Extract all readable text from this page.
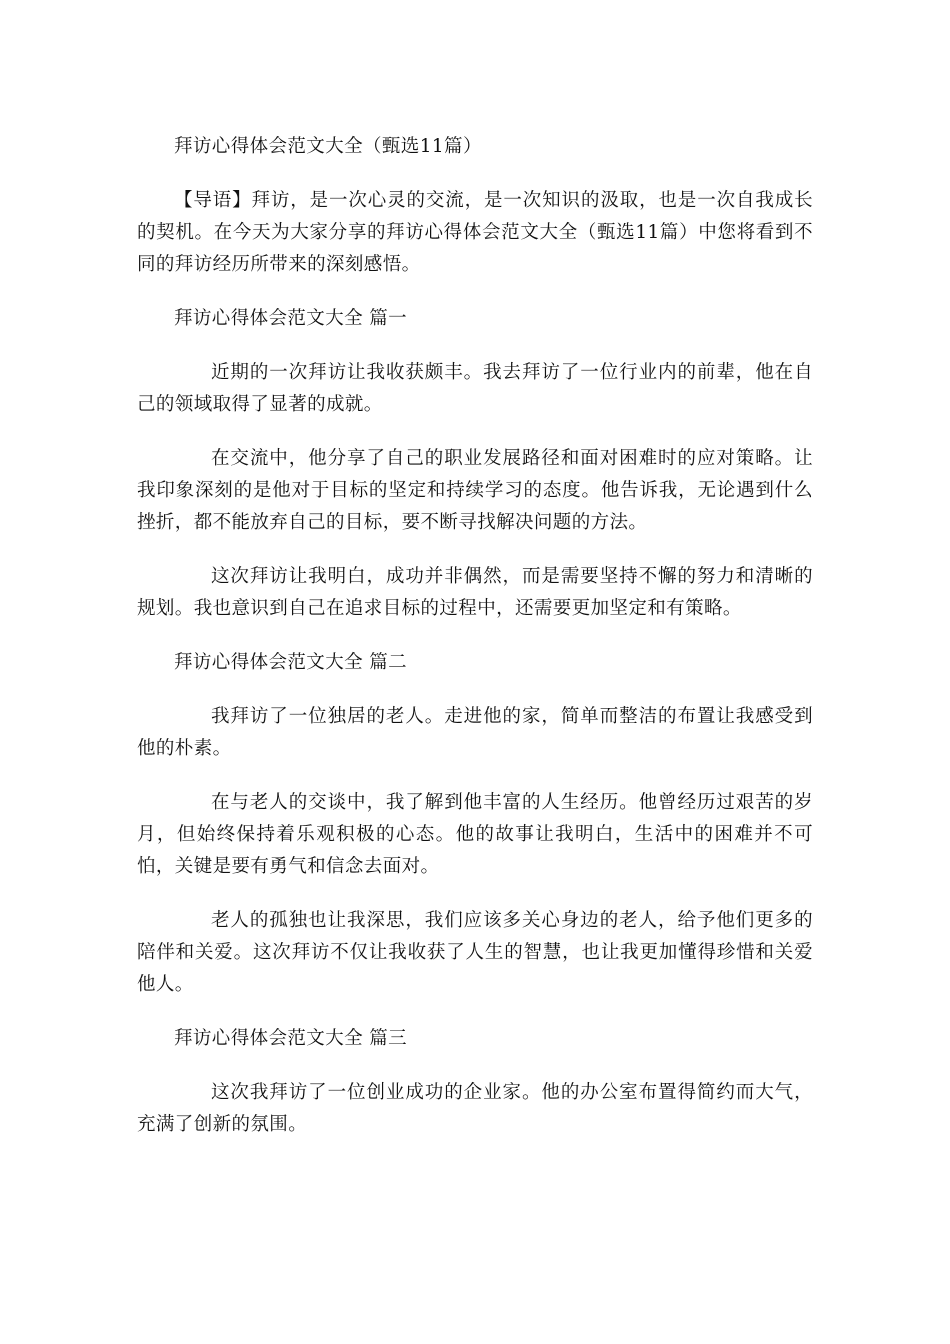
拜访心得体会范文大全（甄选11篇）

【导语】拜访，是一次心灵的交流，是一次知识的汲取，也是一次自我成长的契机。在今天为大家分享的拜访心得体会范文大全（甄选11篇）中您将看到不同的拜访经历所带来的深刻感悟。

拜访心得体会范文大全 篇一

近期的一次拜访让我收获颇丰。我去拜访了一位行业内的前辈，他在自己的领域取得了显著的成就。

在交流中，他分享了自己的职业发展路径和面对困难时的应对策略。让我印象深刻的是他对于目标的坚定和持续学习的态度。他告诉我，无论遇到什么挫折，都不能放弃自己的目标，要不断寻找解决问题的方法。

这次拜访让我明白，成功并非偶然，而是需要坚持不懈的努力和清晰的规划。我也意识到自己在追求目标的过程中，还需要更加坚定和有策略。

拜访心得体会范文大全 篇二

我拜访了一位独居的老人。走进他的家，简单而整洁的布置让我感受到他的朴素。

在与老人的交谈中，我了解到他丰富的人生经历。他曾经历过艰苦的岁月，但始终保持着乐观积极的心态。他的故事让我明白，生活中的困难并不可怕，关键是要有勇气和信念去面对。

老人的孤独也让我深思，我们应该多关心身边的老人，给予他们更多的陪伴和关爱。这次拜访不仅让我收获了人生的智慧，也让我更加懂得珍惜和关爱他人。

拜访心得体会范文大全 篇三

这次我拜访了一位创业成功的企业家。他的办公室布置得简约而大气，充满了创新的氛围。
